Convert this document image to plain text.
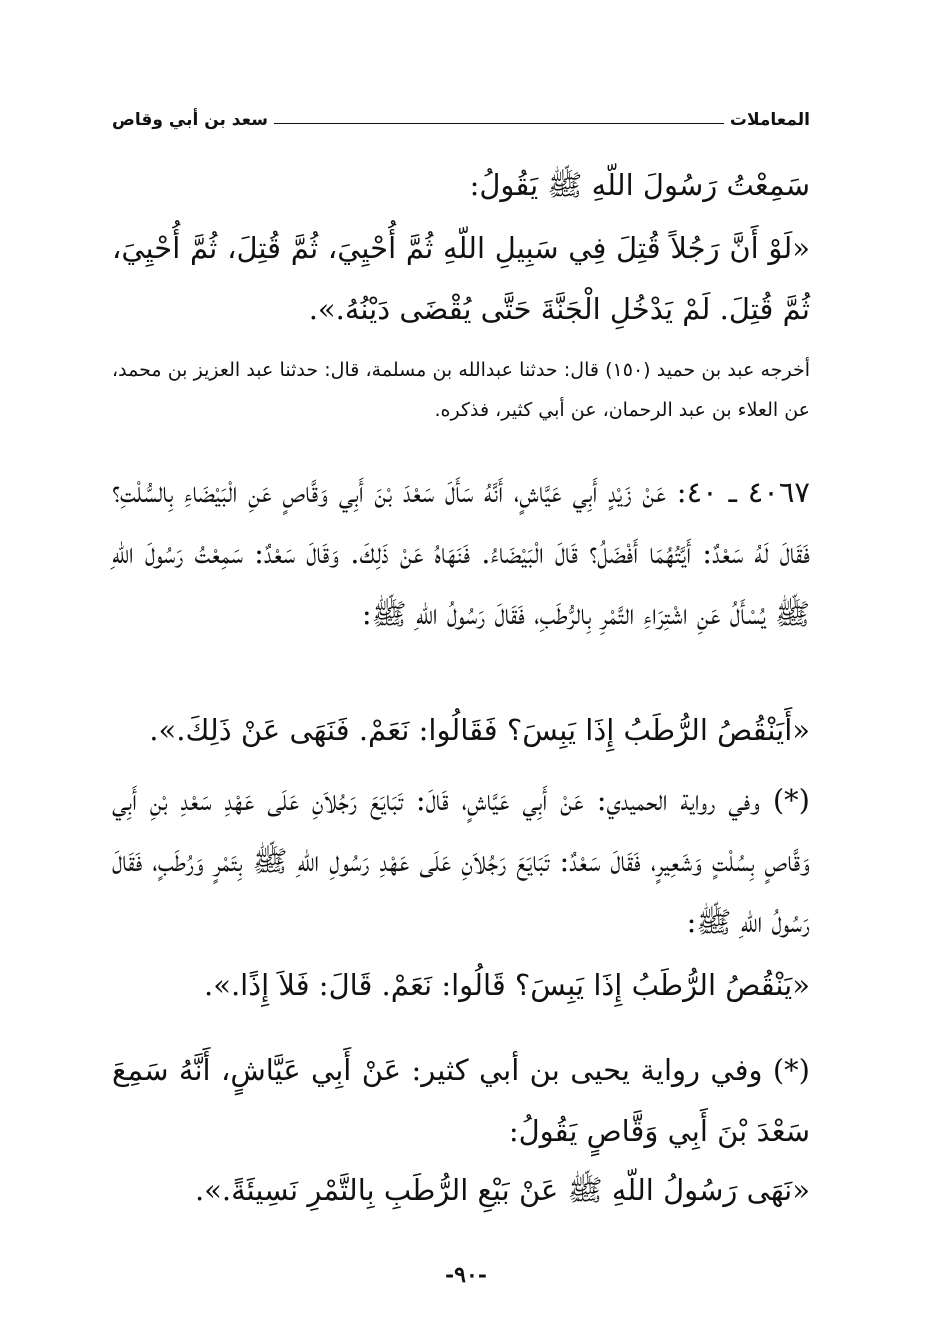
المعاملات
سعد بن أبي وقاص

سَمِعْتُ رَسُولَ اللّهِ ﷺ يَقُولُ:

«لَوْ أَنَّ رَجُلاً قُتِلَ فِي سَبِيلِ اللّهِ ثُمَّ أُحْيِيَ، ثُمَّ قُتِلَ، ثُمَّ أُحْيِيَ، ثُمَّ قُتِلَ. لَمْ يَدْخُلِ الْجَنَّةَ حَتَّى يُقْضَى دَيْنُهُ.».

أخرجه عبد بن حميد (١٥٠) قال: حدثنا عبدالله بن مسلمة، قال: حدثنا عبد العزيز بن محمد، عن العلاء بن عبد الرحمان، عن أبي كثير، فذكره.

٤٠٦٧ ـ ٤٠: عَنْ زَيْدٍ أَبِي عَيَّاشٍ، أَنَّهُ سَأَلَ سَعْدَ بْنَ أَبِي وَقَّاصٍ عَنِ الْبَيْضَاءِ بِالسُّلْتِ؟ فَقَالَ لَهُ سَعْدٌ: أَيَّتُهُمَا أَفْضَلُ؟ قَالَ الْبَيْضَاءُ. فَنَهَاهُ عَنْ ذَلِكَ. وَقَالَ سَعْدٌ: سَمِعْتُ رَسُولَ اللّهِ ﷺ يُسْأَلُ عَنِ اشْتِرَاءِ التَّمْرِ بِالرُّطَبِ، فَقَالَ رَسُولُ اللّهِ ﷺ:

«أَيَنْقُصُ الرُّطَبُ إِذَا يَبِسَ؟ فَقَالُوا: نَعَمْ. فَنَهَى عَنْ ذَلِكَ.».

(*) وفي رواية الحميدي: عَنْ أَبِي عَيَّاشٍ، قَالَ: تَبَايَعَ رَجُلاَنِ عَلَى عَهْدِ سَعْدِ بْنِ أَبِي وَقَّاصٍ بِسُلْتٍ وَشَعِيرٍ، فَقَالَ سَعْدٌ: تَبَايَعَ رَجُلاَنِ عَلَى عَهْدِ رَسُولِ اللّهِ ﷺ بِتَمْرٍ وَرُطَبٍ، فَقَالَ رَسُولُ اللّهِ ﷺ:

«يَنْقُصُ الرُّطَبُ إِذَا يَبِسَ؟ قَالُوا: نَعَمْ. قَالَ: فَلاَ إِذًا.».

(*) وفي رواية يحيى بن أبي كثير: عَنْ أَبِي عَيَّاشٍ، أَنَّهُ سَمِعَ سَعْدَ بْنَ أَبِي وَقَّاصٍ يَقُولُ:

«نَهَى رَسُولُ اللّهِ ﷺ عَنْ بَيْعِ الرُّطَبِ بِالتَّمْرِ نَسِيئَةً.».

-٩٠-
